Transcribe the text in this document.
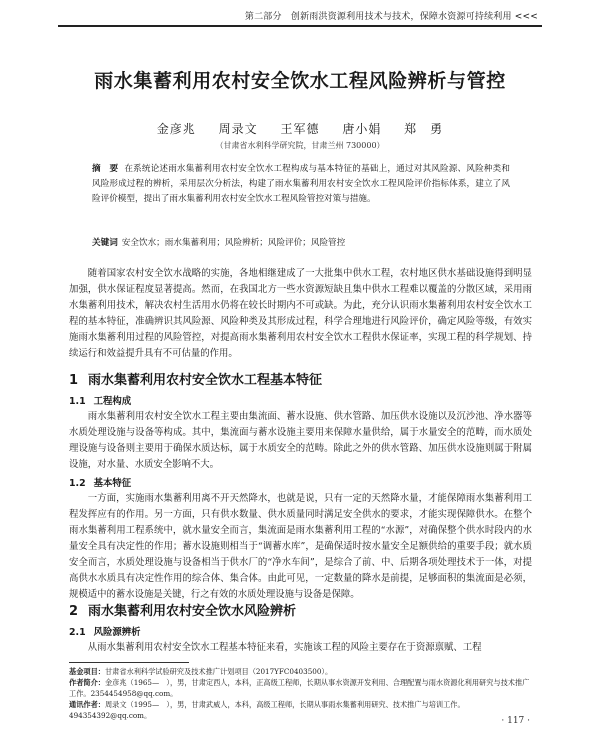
第二部分　创新雨洪资源利用技术与技术，保障水资源可持续利用 <<<
雨水集蓄利用农村安全饮水工程风险辨析与管控
金彦兆 周录文 王军德 唐小娟 郑　勇
（甘肃省水利科学研究院，甘肃兰州 730000）
摘　要 在系统论述雨水集蓄利用农村安全饮水工程构成与基本特征的基础上，通过对其风险源、风险种类和风险形成过程的辨析，采用层次分析法，构建了雨水集蓄利用农村安全饮水工程风险评价指标体系，建立了风险评价模型，提出了雨水集蓄利用农村安全饮水工程风险管控对策与措施。
关键词 安全饮水；雨水集蓄利用；风险辨析；风险评价；风险管控
随着国家农村安全饮水战略的实施，各地相继建成了一大批集中供水工程，农村地区供水基础设施得到明显加强，供水保证程度显著提高。然而，在我国北方一些水资源短缺且集中供水工程难以覆盖的分散区域，采用雨水集蓄利用技术，解决农村生活用水仍将在较长时期内不可或缺。为此，充分认识雨水集蓄利用农村安全饮水工程的基本特征，准确辨识其风险源、风险种类及其形成过程，科学合理地进行风险评价，确定风险等级，有效实施雨水集蓄利用过程的风险管控，对提高雨水集蓄利用农村安全饮水工程供水保证率，实现工程的科学规划、持续运行和效益提升具有不可估量的作用。
1 雨水集蓄利用农村安全饮水工程基本特征
1.1 工程构成
雨水集蓄利用农村安全饮水工程主要由集流面、蓄水设施、供水管路、加压供水设施以及沉沙池、净水器等水质处理设施与设备等构成。其中，集流面与蓄水设施主要用来保障水量供给，属于水量安全的范畴，而水质处理设施与设备则主要用于确保水质达标，属于水质安全的范畴。除此之外的供水管路、加压供水设施则属于附属设施，对水量、水质安全影响不大。
1.2 基本特征
一方面，实施雨水集蓄利用离不开天然降水，也就是说，只有一定的天然降水量，才能保障雨水集蓄利用工程发挥应有的作用。另一方面，只有供水数量、供水质量同时满足安全供水的要求，才能实现保障供水。在整个雨水集蓄利用工程系统中，就水量安全而言，集流面是雨水集蓄利用工程的“水源”，对确保整个供水时段内的水量安全具有决定性的作用；蓄水设施则相当于“调蓄水库”，是确保适时按水量安全足额供给的重要手段；就水质安全而言，水质处理设施与设备相当于供水厂的“净水车间”，是综合了前、中、后期各项处理技术于一体，对提高供水水质具有决定性作用的综合体、集合体。由此可见，一定数量的降水是前提，足够面积的集流面是必须，规模适中的蓄水设施是关键，行之有效的水质处理设施与设备是保障。
2 雨水集蓄利用农村安全饮水风险辨析
2.1 风险源辨析
从雨水集蓄利用农村安全饮水工程基本特征来看，实施该工程的风险主要存在于资源禀赋、工程
基金项目：甘肃省水利科学试验研究及技术推广计划项目（2017YFC0403500）。
作者简介：金彦兆（1965—　），男，甘肃定西人，本科，正高级工程师，长期从事水资源开发利用、合理配置与雨水资源化利用研究与技术推广工作。2354454958@qq.com。
通讯作者：周录文（1995—　），男，甘肃武威人，本科，高级工程师，长期从事雨水集蓄利用研究、技术推广与培训工作。494354392@qq.com。
· 117 ·
